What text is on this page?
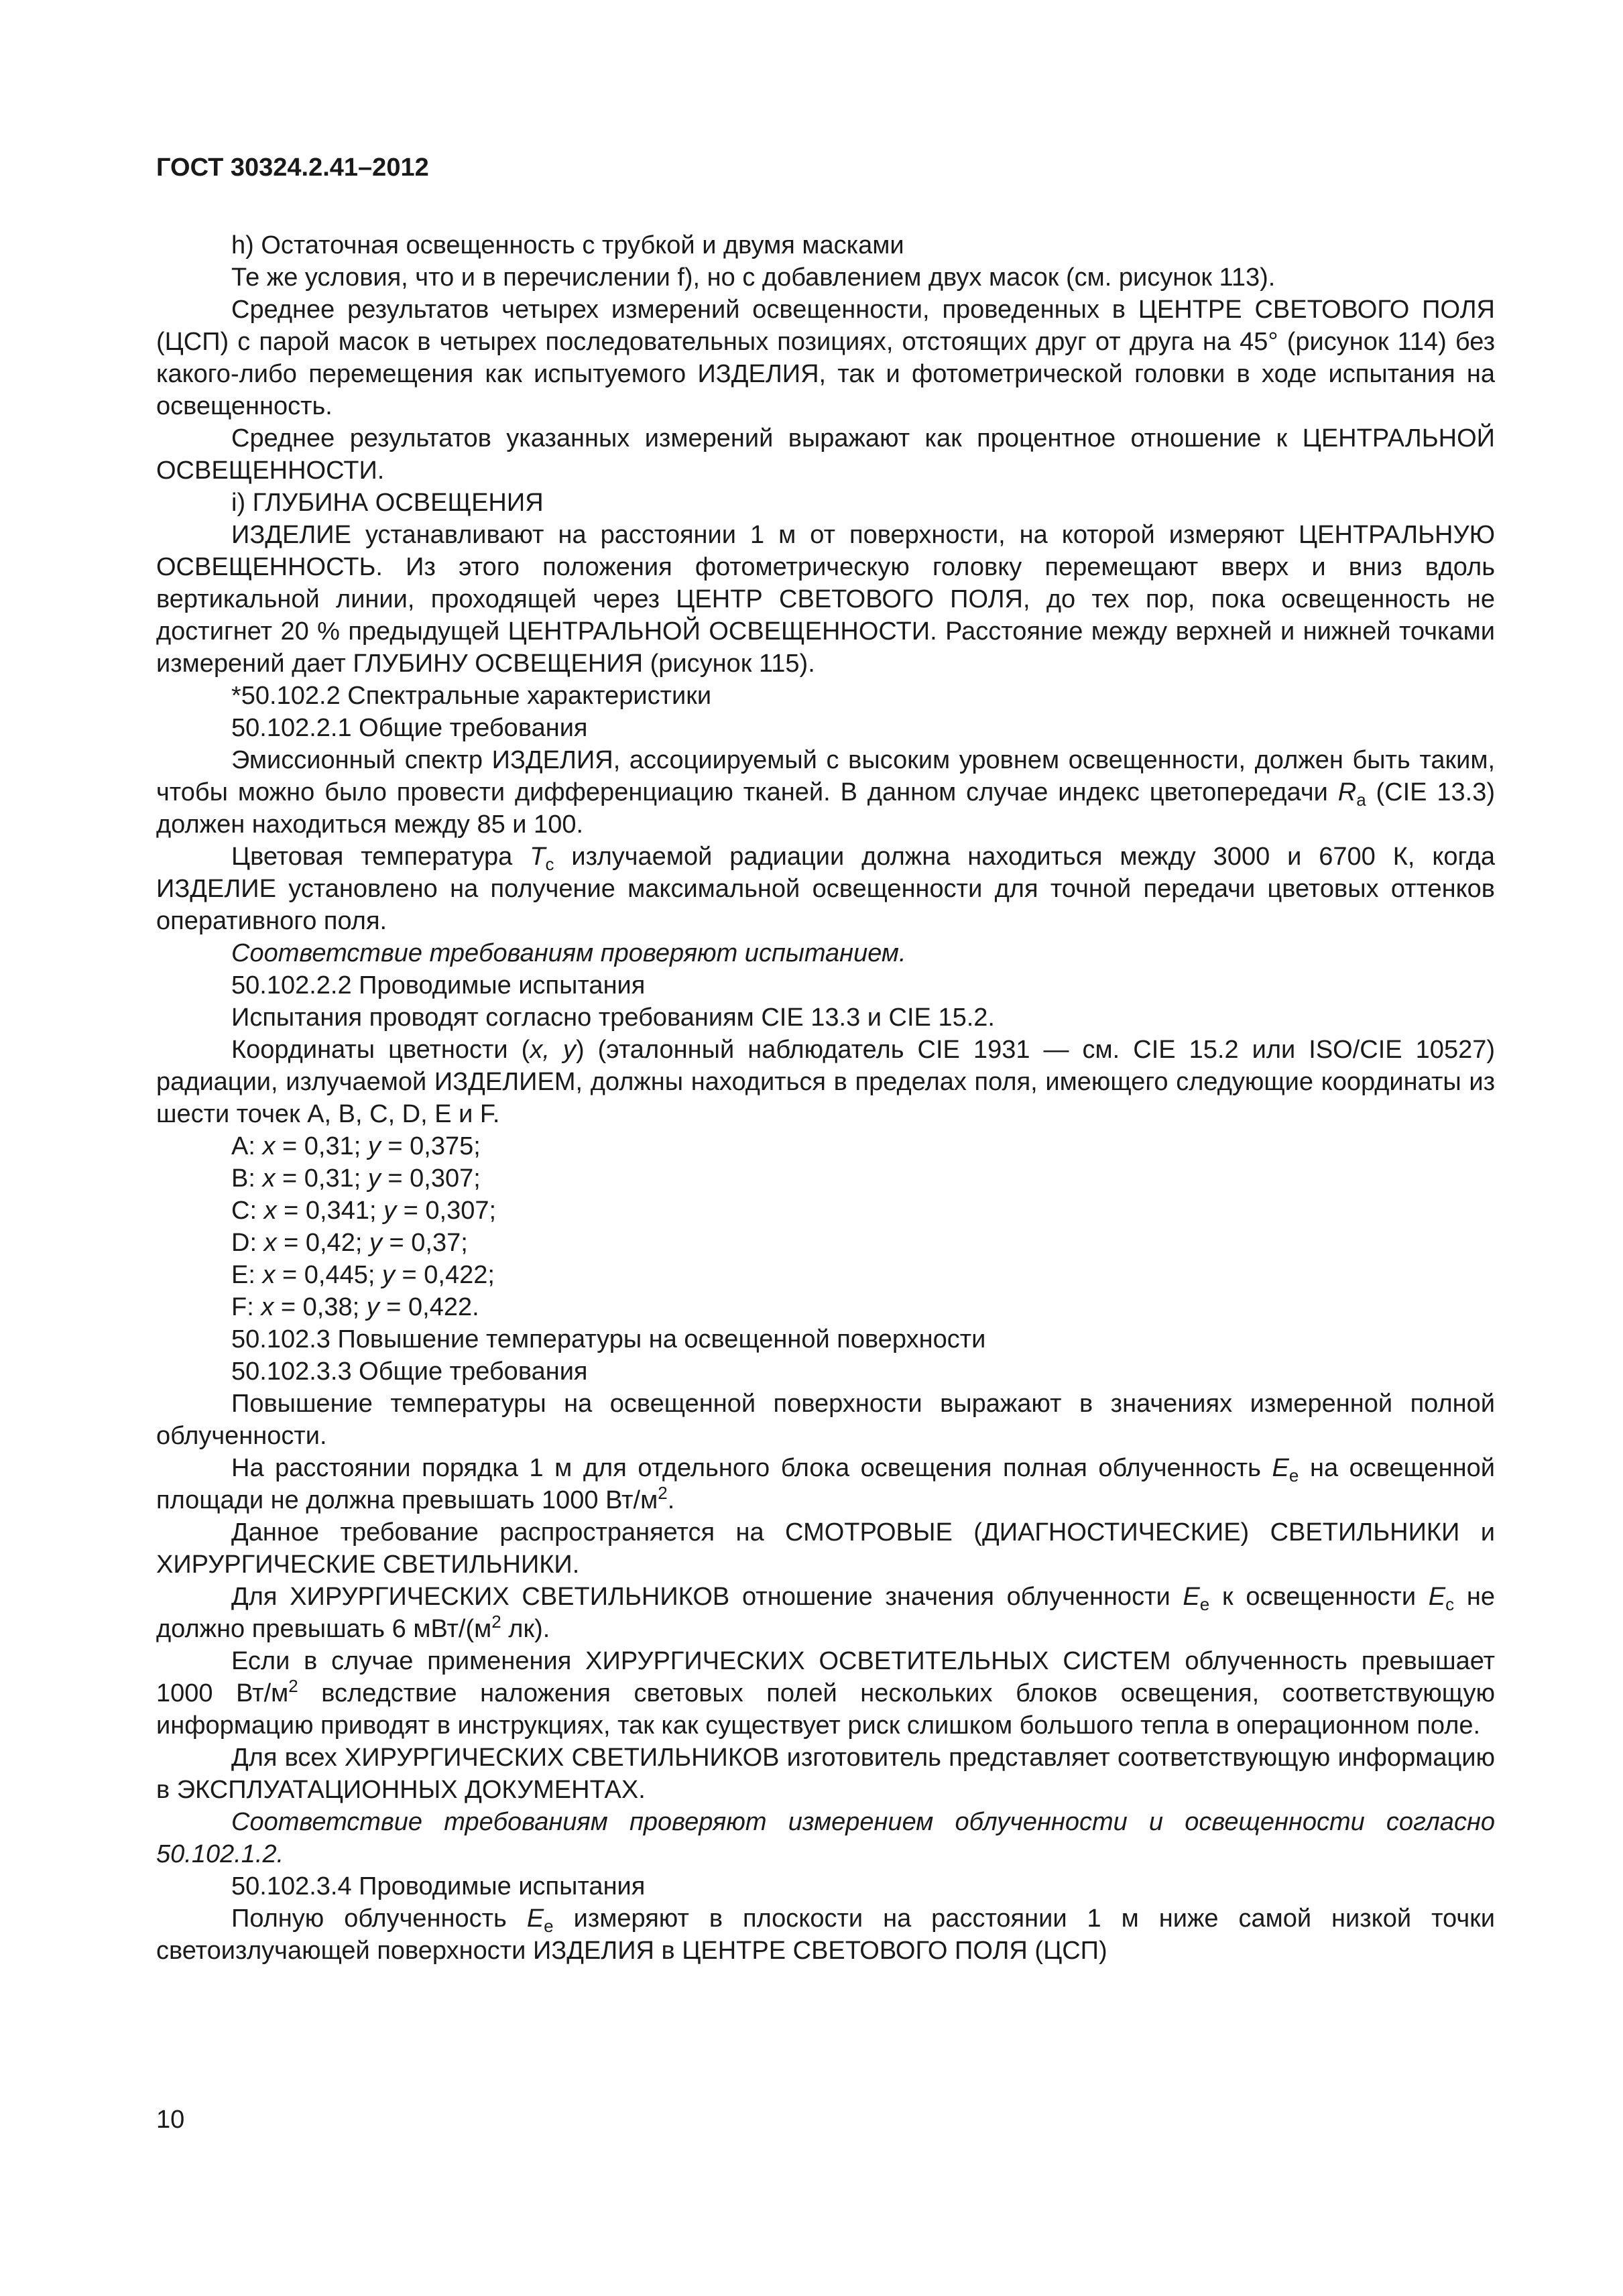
ГОСТ 30324.2.41–2012

h) Остаточная освещенность с трубкой и двумя масками

Те же условия, что и в перечислении f), но с добавлением двух масок (см. рисунок 113).

Среднее результатов четырех измерений освещенности, проведенных в ЦЕНТРЕ СВЕТОВОГО ПОЛЯ (ЦСП) с парой масок в четырех последовательных позициях, отстоящих друг от друга на 45° (рисунок 114) без какого-либо перемещения как испытуемого ИЗДЕЛИЯ, так и фотометрической головки в ходе испытания на освещенность.

Среднее результатов указанных измерений выражают как процентное отношение к ЦЕНТРАЛЬНОЙ ОСВЕЩЕННОСТИ.

i) ГЛУБИНА ОСВЕЩЕНИЯ

ИЗДЕЛИЕ устанавливают на расстоянии 1 м от поверхности, на которой измеряют ЦЕНТРАЛЬНУЮ ОСВЕЩЕННОСТЬ. Из этого положения фотометрическую головку перемещают вверх и вниз вдоль вертикальной линии, проходящей через ЦЕНТР СВЕТОВОГО ПОЛЯ, до тех пор, пока освещенность не достигнет 20 % предыдущей ЦЕНТРАЛЬНОЙ ОСВЕЩЕННОСТИ. Расстояние между верхней и нижней точками измерений дает ГЛУБИНУ ОСВЕЩЕНИЯ (рисунок 115).

*50.102.2 Спектральные характеристики

50.102.2.1 Общие требования

Эмиссионный спектр ИЗДЕЛИЯ, ассоциируемый с высоким уровнем освещенности, должен быть таким, чтобы можно было провести дифференциацию тканей. В данном случае индекс цветопередачи $R_a$ (CIE 13.3) должен находиться между 85 и 100.

Цветовая температура $T_c$ излучаемой радиации должна находиться между 3000 и 6700 К, когда ИЗДЕЛИЕ установлено на получение максимальной освещенности для точной передачи цветовых оттенков оперативного поля.

Соответствие требованиям проверяют испытанием.

50.102.2.2 Проводимые испытания

Испытания проводят согласно требованиям CIE 13.3 и CIE 15.2.

Координаты цветности (x, y) (эталонный наблюдатель CIE 1931 — см. CIE 15.2 или ISO/CIE 10527) радиации, излучаемой ИЗДЕЛИЕМ, должны находиться в пределах поля, имеющего следующие координаты из шести точек A, B, C, D, E и F.

A: x = 0,31; y = 0,375;

B: x = 0,31; y = 0,307;

C: x = 0,341; y = 0,307;

D: x = 0,42; y = 0,37;

E: x = 0,445; y = 0,422;

F: x = 0,38; y = 0,422.

50.102.3 Повышение температуры на освещенной поверхности

50.102.3.3 Общие требования

Повышение температуры на освещенной поверхности выражают в значениях измеренной полной облученности.

На расстоянии порядка 1 м для отдельного блока освещения полная облученность $E_e$ на освещенной площади не должна превышать 1000 $Вт/м^2$.

Данное требование распространяется на СМОТРОВЫЕ (ДИАГНОСТИЧЕСКИЕ) СВЕТИЛЬНИКИ и ХИРУРГИЧЕСКИЕ СВЕТИЛЬНИКИ.

Для ХИРУРГИЧЕСКИХ СВЕТИЛЬНИКОВ отношение значения облученности $E_e$ к освещенности $E_c$ не должно превышать 6 мВт/($м^2$ лк).

Если в случае применения ХИРУРГИЧЕСКИХ ОСВЕТИТЕЛЬНЫХ СИСТЕМ облученность превышает 1000 $Вт/м^2$ вследствие наложения световых полей нескольких блоков освещения, соответствующую информацию приводят в инструкциях, так как существует риск слишком большого тепла в операционном поле.

Для всех ХИРУРГИЧЕСКИХ СВЕТИЛЬНИКОВ изготовитель представляет соответствующую информацию в ЭКСПЛУАТАЦИОННЫХ ДОКУМЕНТАХ.

Соответствие требованиям проверяют измерением облученности и освещенности согласно 50.102.1.2.

50.102.3.4 Проводимые испытания

Полную облученность $E_e$ измеряют в плоскости на расстоянии 1 м ниже самой низкой точки светоизлучающей поверхности ИЗДЕЛИЯ в ЦЕНТРЕ СВЕТОВОГО ПОЛЯ (ЦСП)

10
